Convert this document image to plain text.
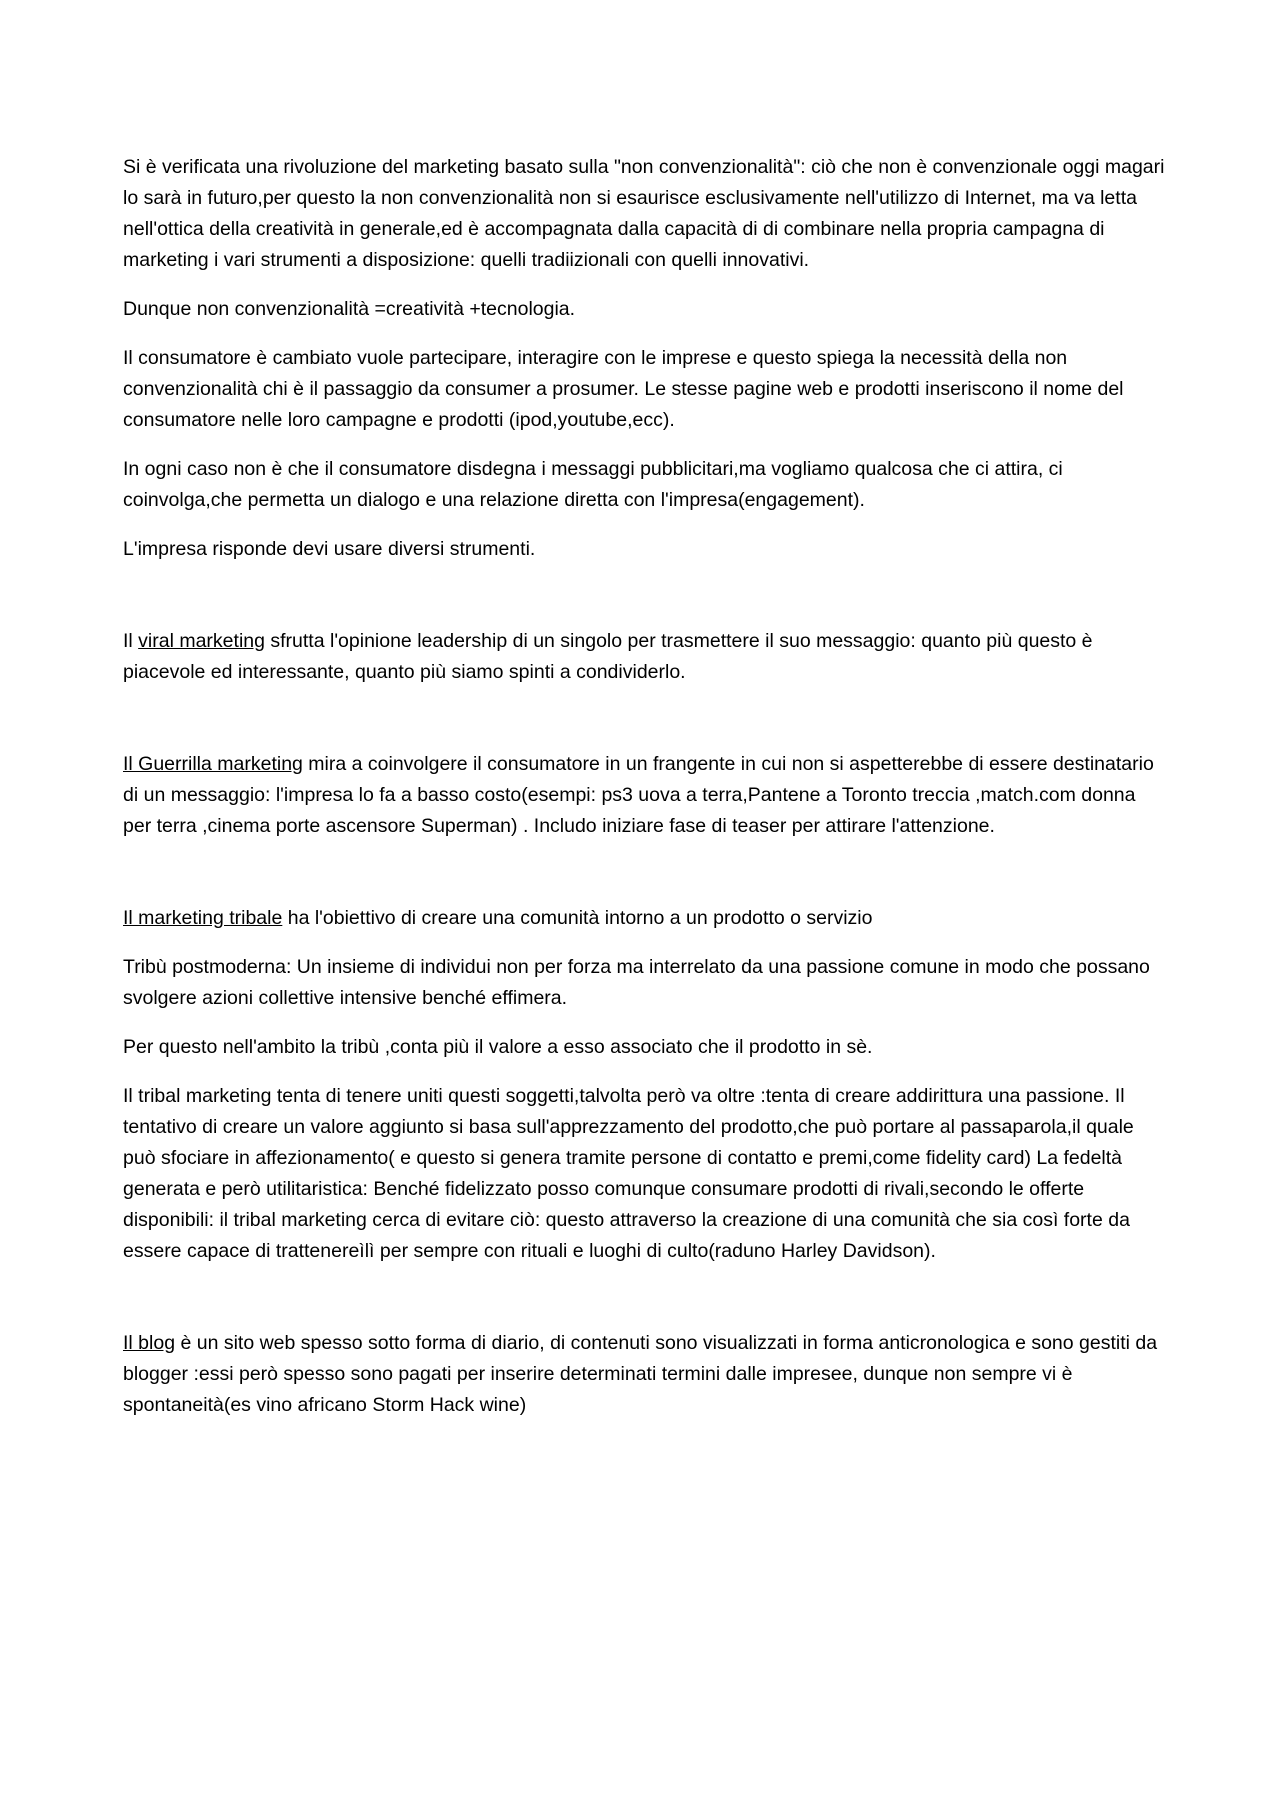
Si è verificata una rivoluzione del marketing basato sulla "non convenzionalità": ciò che non è convenzionale oggi magari lo sarà in futuro,per questo la non convenzionalità non si esaurisce esclusivamente nell'utilizzo di Internet, ma va letta nell'ottica della creatività in generale,ed è accompagnata dalla capacità di di combinare nella propria campagna di marketing i vari strumenti a disposizione: quelli tradiizionali con quelli innovativi.

Dunque non convenzionalità =creatività +tecnologia.

Il consumatore è cambiato vuole partecipare, interagire con le imprese e questo spiega la necessità della non convenzionalità chi è il passaggio da consumer a prosumer. Le stesse pagine web e prodotti inseriscono il nome del consumatore nelle loro campagne e prodotti (ipod,youtube,ecc).

In ogni caso non è che il consumatore disdegna i messaggi pubblicitari,ma vogliamo qualcosa che ci attira, ci coinvolga,che permetta un dialogo e una relazione diretta con l'impresa(engagement).

L'impresa risponde devi usare diversi strumenti.

Il viral marketing sfrutta l'opinione leadership di un singolo per trasmettere il suo messaggio: quanto più questo è piacevole ed interessante, quanto più siamo spinti a condividerlo.

Il Guerrilla marketing mira a coinvolgere il consumatore in un frangente in cui non si aspetterebbe di essere destinatario di un messaggio: l'impresa lo fa a basso costo(esempi: ps3 uova a terra,Pantene a Toronto treccia ,match.com donna per terra ,cinema porte ascensore Superman) . Includo iniziare fase di teaser per attirare l'attenzione.

Il marketing tribale ha l'obiettivo di creare una comunità intorno a un prodotto o servizio

Tribù postmoderna: Un insieme di individui non per forza ma interrelato da una passione comune in modo che possano svolgere azioni collettive intensive benché effimera.

Per questo nell'ambito la tribù ,conta più il valore a esso associato che il prodotto in sè.

Il tribal marketing tenta di tenere uniti questi soggetti,talvolta però va oltre :tenta di creare addirittura una passione. Il tentativo di creare un valore aggiunto si basa sull'apprezzamento del prodotto,che può portare al passaparola,il quale può sfociare in affezionamento( e questo si genera tramite persone di contatto e premi,come fidelity card) La fedeltà generata e però utilitaristica: Benché fidelizzato posso comunque consumare prodotti di rivali,secondo le offerte disponibili: il tribal marketing cerca di evitare ciò: questo attraverso la creazione di una comunità che sia così forte da essere capace di trattenereìlì per sempre con rituali e luoghi di culto(raduno Harley Davidson).

Il blog è un sito web spesso sotto forma di diario, di contenuti sono visualizzati in forma anticronologica e sono gestiti da blogger :essi però spesso sono pagati per inserire determinati termini dalle impresee, dunque non sempre vi è spontaneità(es vino africano Storm Hack wine)
